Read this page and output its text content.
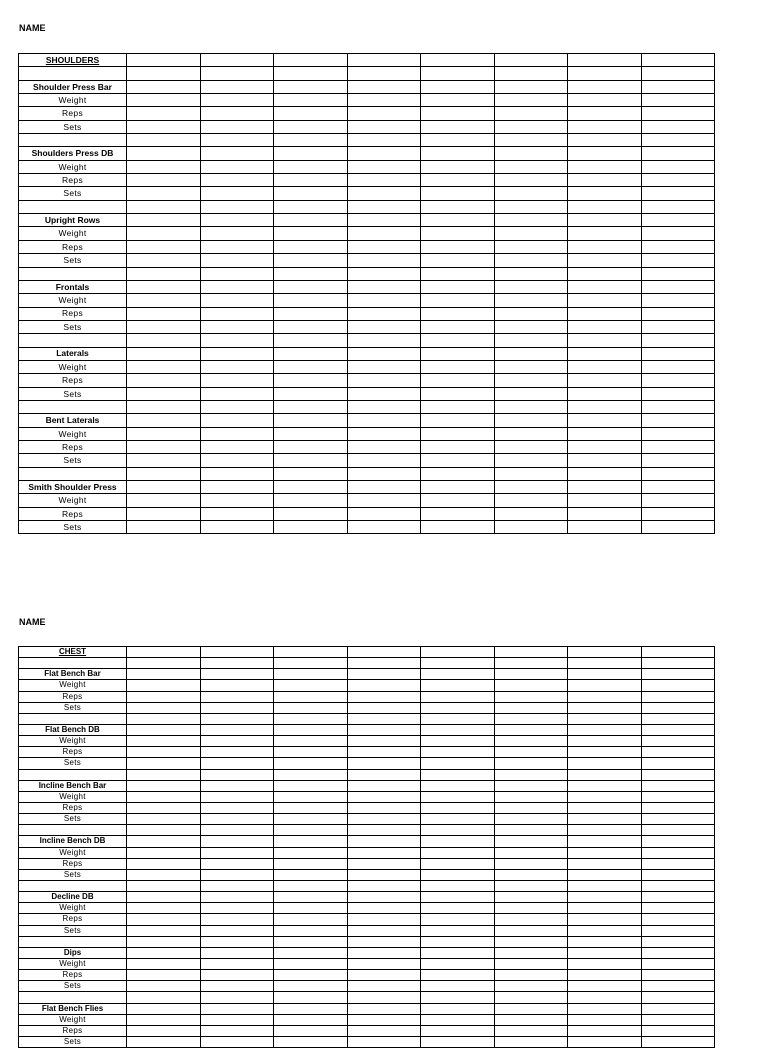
NAME
SHOULDERS								

Shoulder Press Bar								
Weight								
Reps								
Sets								

Shoulders Press DB								
Weight								
Reps								
Sets								

Upright Rows								
Weight								
Reps								
Sets								

Frontals								
Weight								
Reps								
Sets								

Laterals								
Weight								
Reps								
Sets								

Bent Laterals								
Weight								
Reps								
Sets								

Smith Shoulder Press								
Weight								
Reps								
Sets								
NAME
CHEST								

Flat Bench Bar								
Weight								
Reps								
Sets								

Flat Bench DB								
Weight								
Reps								
Sets								

Incline Bench Bar								
Weight								
Reps								
Sets								

Incline Bench DB								
Weight								
Reps								
Sets								

Decline DB								
Weight								
Reps								
Sets								

Dips								
Weight								
Reps								
Sets								

Flat Bench Flies								
Weight								
Reps								
Sets								
